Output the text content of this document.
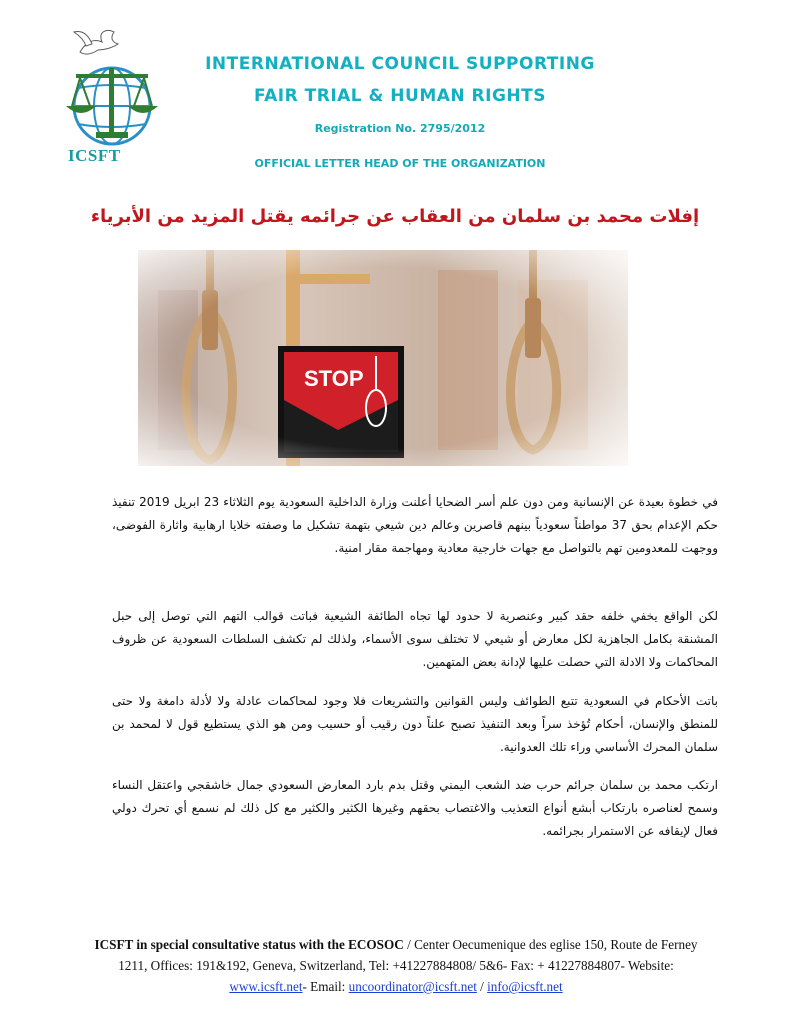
ICSFT
INTERNATIONAL COUNCIL SUPPORTING
FAIR TRIAL & HUMAN RIGHTS
Registration No. 2795/2012
OFFICIAL LETTER HEAD OF THE ORGANIZATION
إفلات محمد بن سلمان من العقاب عن جرائمه يقتل المزيد من الأبرياء
في خطوة بعيدة عن الإنسانية ومن دون علم أسر الضحايا أعلنت وزارة الداخلية السعودية يوم الثلاثاء 23 ابريل 2019 تنفيذ حكم الإعدام بحق 37 مواطناً سعودياً بينهم قاصرين وعالم دين شيعي بتهمة تشكيل ما وصفته خلايا ارهابية واثارة الفوضى، ووجهت للمعدومين تهم بالتواصل مع جهات خارجية معادية ومهاجمة مقار امنية.
لكن الواقع يخفي خلفه حقد كبير وعنصرية لا حدود لها تجاه الطائفة الشيعية فباتت قوالب التهم التي توصل إلى حبل المشنقة بكامل الجاهزية لكل معارض أو شيعي لا تختلف سوى الأسماء، ولذلك لم تكشف السلطات السعودية عن ظروف المحاكمات ولا الادلة التي حصلت عليها لإدانة بعض المتهمين.
باتت الأحكام في السعودية تتبع الطوائف وليس القوانين والتشريعات فلا وجود لمحاكمات عادلة ولا لأدلة دامغة ولا حتى للمنطق والإنسان، أحكام تُؤخذ سراً وبعد التنفيذ تصبح علناً دون رقيب أو حسيب ومن هو الذي يستطيع قول لا لمحمد بن سلمان المحرك الأساسي وراء تلك العدوانية.
ارتكب محمد بن سلمان جرائم حرب ضد الشعب اليمني وقتل بدم بارد المعارض السعودي جمال خاشقجي واعتقل النساء وسمح لعناصره بارتكاب أبشع أنواع التعذيب والاغتصاب بحقهم وغيرها الكثير والكثير مع كل ذلك لم نسمع أي تحرك دولي فعال لإيقافه عن الاستمرار بجرائمه.
ICSFT in special consultative status with the ECOSOC / Center Oecumenique des eglise 150, Route de Ferney 1211, Offices: 191&192, Geneva, Switzerland, Tel: +41227884808/ 5&6- Fax: + 41227884807- Website: www.icsft.net- Email: uncoordinator@icsft.net / info@icsft.net
